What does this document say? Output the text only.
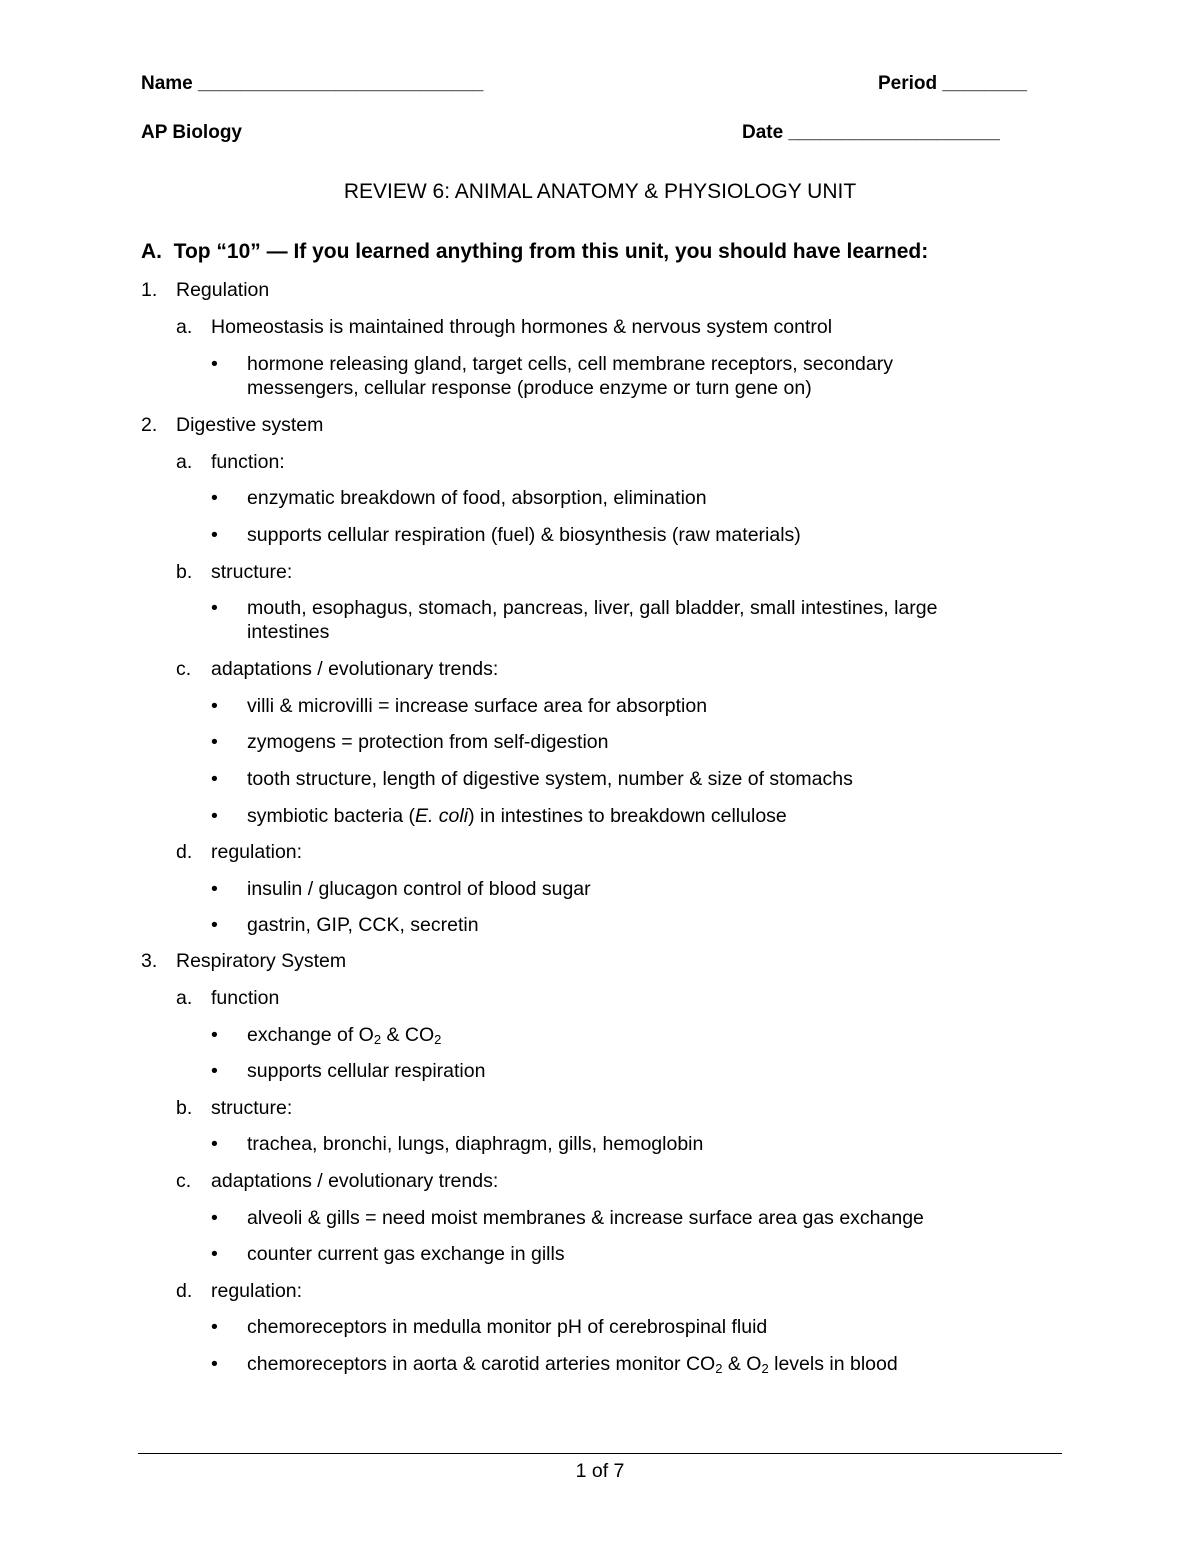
Name ___________________________	Period ________
AP Biology	Date ____________________
REVIEW 6: ANIMAL ANATOMY & PHYSIOLOGY UNIT
A. Top “10” — If you learned anything from this unit, you should have learned:
1. Regulation
a. Homeostasis is maintained through hormones & nervous system control
• hormone releasing gland, target cells, cell membrane receptors, secondary
messengers, cellular response (produce enzyme or turn gene on)
2. Digestive system
a. function:
• enzymatic breakdown of food, absorption, elimination
• supports cellular respiration (fuel) & biosynthesis (raw materials)
b. structure:
• mouth, esophagus, stomach, pancreas, liver, gall bladder, small intestines, large
intestines
c. adaptations / evolutionary trends:
• villi & microvilli = increase surface area for absorption
• zymogens = protection from self-digestion
• tooth structure, length of digestive system, number & size of stomachs
• symbiotic bacteria (E. coli) in intestines to breakdown cellulose
d. regulation:
• insulin / glucagon control of blood sugar
• gastrin, GIP, CCK, secretin
3. Respiratory System
a. function
• exchange of $O_2$ & $CO_2$
• supports cellular respiration
b. structure:
• trachea, bronchi, lungs, diaphragm, gills, hemoglobin
c. adaptations / evolutionary trends:
• alveoli & gills = need moist membranes & increase surface area gas exchange
• counter current gas exchange in gills
d. regulation:
• chemoreceptors in medulla monitor pH of cerebrospinal fluid
• chemoreceptors in aorta & carotid arteries monitor $CO_2$ & $O_2$ levels in blood
1 of 7
